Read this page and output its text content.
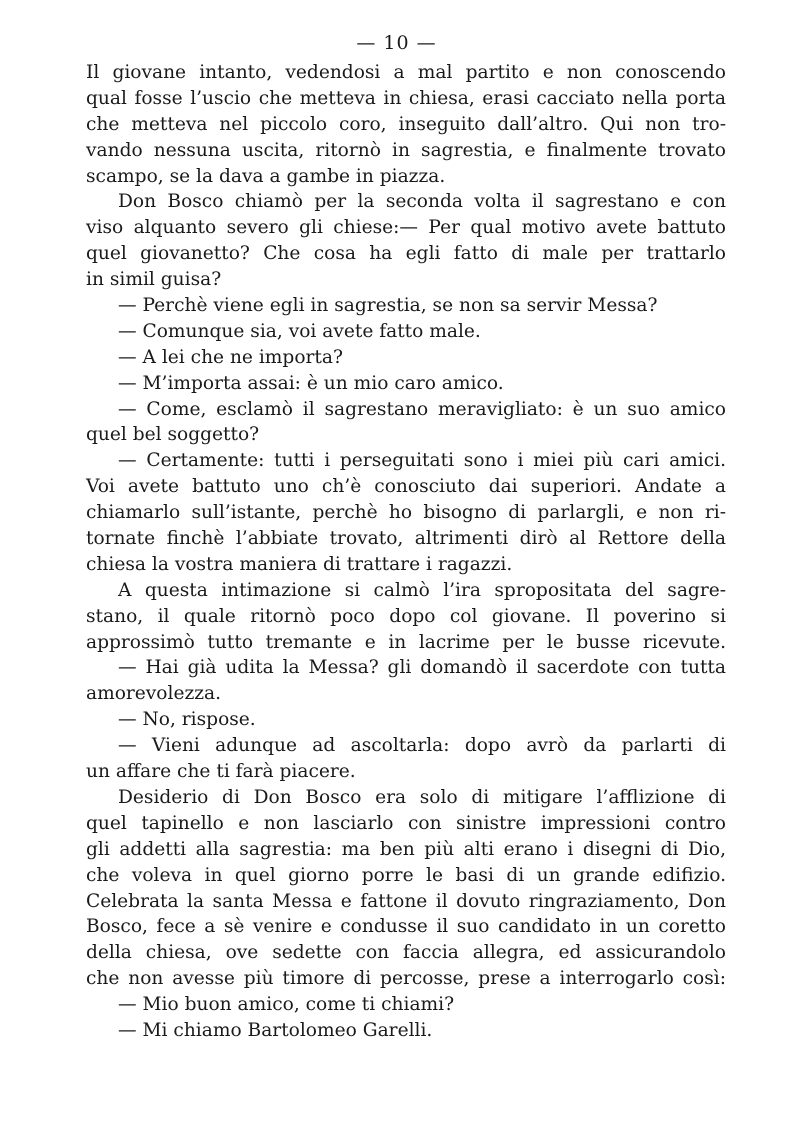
— 10 —
Il giovane intanto, vedendosi a mal partito e non conoscendo
qual fosse l’uscio che metteva in chiesa, erasi cacciato nella porta
che metteva nel piccolo coro, inseguito dall’altro. Qui non tro-
vando nessuna uscita, ritornò in sagrestia, e finalmente trovato
scampo, se la dava a gambe in piazza.
Don Bosco chiamò per la seconda volta il sagrestano e con
viso alquanto severo gli chiese:— Per qual motivo avete battuto
quel giovanetto? Che cosa ha egli fatto di male per trattarlo
in simil guisa?
— Perchè viene egli in sagrestia, se non sa servir Messa?
— Comunque sia, voi avete fatto male.
— A lei che ne importa?
— M’importa assai: è un mio caro amico.
— Come, esclamò il sagrestano meravigliato: è un suo amico
quel bel soggetto?
— Certamente: tutti i perseguitati sono i miei più cari amici.
Voi avete battuto uno ch’è conosciuto dai superiori. Andate a
chiamarlo sull’istante, perchè ho bisogno di parlargli, e non ri-
tornate finchè l’abbiate trovato, altrimenti dirò al Rettore della
chiesa la vostra maniera di trattare i ragazzi.
A questa intimazione si calmò l’ira spropositata del sagre-
stano, il quale ritornò poco dopo col giovane. Il poverino si
approssimò tutto tremante e in lacrime per le busse ricevute.
— Hai già udita la Messa? gli domandò il sacerdote con tutta
amorevolezza.
— No, rispose.
— Vieni adunque ad ascoltarla: dopo avrò da parlarti di
un affare che ti farà piacere.
Desiderio di Don Bosco era solo di mitigare l’afflizione di
quel tapinello e non lasciarlo con sinistre impressioni contro
gli addetti alla sagrestia: ma ben più alti erano i disegni di Dio,
che voleva in quel giorno porre le basi di un grande edifizio.
Celebrata la santa Messa e fattone il dovuto ringraziamento, Don
Bosco, fece a sè venire e condusse il suo candidato in un coretto
della chiesa, ove sedette con faccia allegra, ed assicurandolo
che non avesse più timore di percosse, prese a interrogarlo così:
— Mio buon amico, come ti chiami?
— Mi chiamo Bartolomeo Garelli.
